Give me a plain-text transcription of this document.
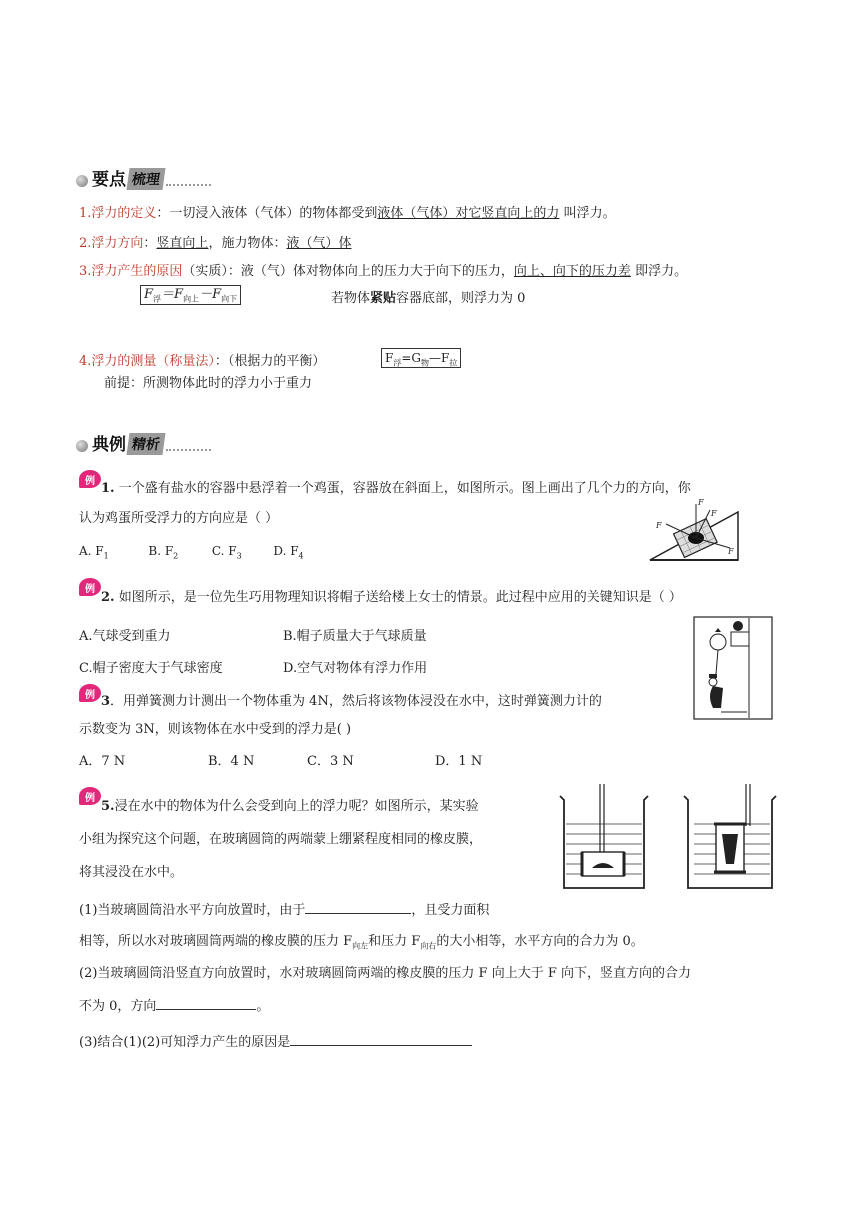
要点 梳理
1.浮力的定义：一切浸入液体（气体）的物体都受到液体（气体）对它竖直向上的力 叫浮力。
2.浮力方向：竖直向上，施力物体：液（气）体
3.浮力产生的原因（实质）：液（气）体对物体向上的压力大于向下的压力，向上、向下的压力差 即浮力。
$F_浮=F_{向上}-F_{向下}$	若物体紧贴容器底部，则浮力为 0
4.浮力的测量（称量法）：（根据力的平衡）	$F_浮=G_物—F_拉$
前提：所测物体此时的浮力小于重力
典例 精析
例 1. 一个盛有盐水的容器中悬浮着一个鸡蛋，容器放在斜面上，如图所示。图上画出了几个力的方向，你
认为鸡蛋所受浮力的方向应是（ ）
A. $F_1$	B. $F_2$	C. $F_3$	D. $F_4$
F
F
F
F
例
2. 如图所示，是一位先生巧用物理知识将帽子送给楼上女士的情景。此过程中应用的关键知识是（ ）
A.气球受到重力	B.帽子质量大于气球质量
C.帽子密度大于气球密度	D.空气对物体有浮力作用
例 3．用弹簧测力计测出一个物体重为 4N，然后将该物体浸没在水中，这时弹簧测力计的
示数变为 3N，则该物体在水中受到的浮力是( )
A．7 N	B．4 N	C．3 N	D．1 N
例
5.浸在水中的物体为什么会受到向上的浮力呢？如图所示，某实验
小组为探究这个问题，在玻璃圆筒的两端蒙上绷紧程度相同的橡皮膜，
将其浸没在水中。
(1)当玻璃圆筒沿水平方向放置时，由于	，且受力面积
相等，所以水对玻璃圆筒两端的橡皮膜的压力 $F_{向左}$和压力 $F_{向右}$的大小相等，水平方向的合力为 0。
(2)当玻璃圆筒沿竖直方向放置时，水对玻璃圆筒两端的橡皮膜的压力 F 向上大于 F 向下，竖直方向的合力
不为 0，方向	。
(3)结合(1)(2)可知浮力产生的原因是
